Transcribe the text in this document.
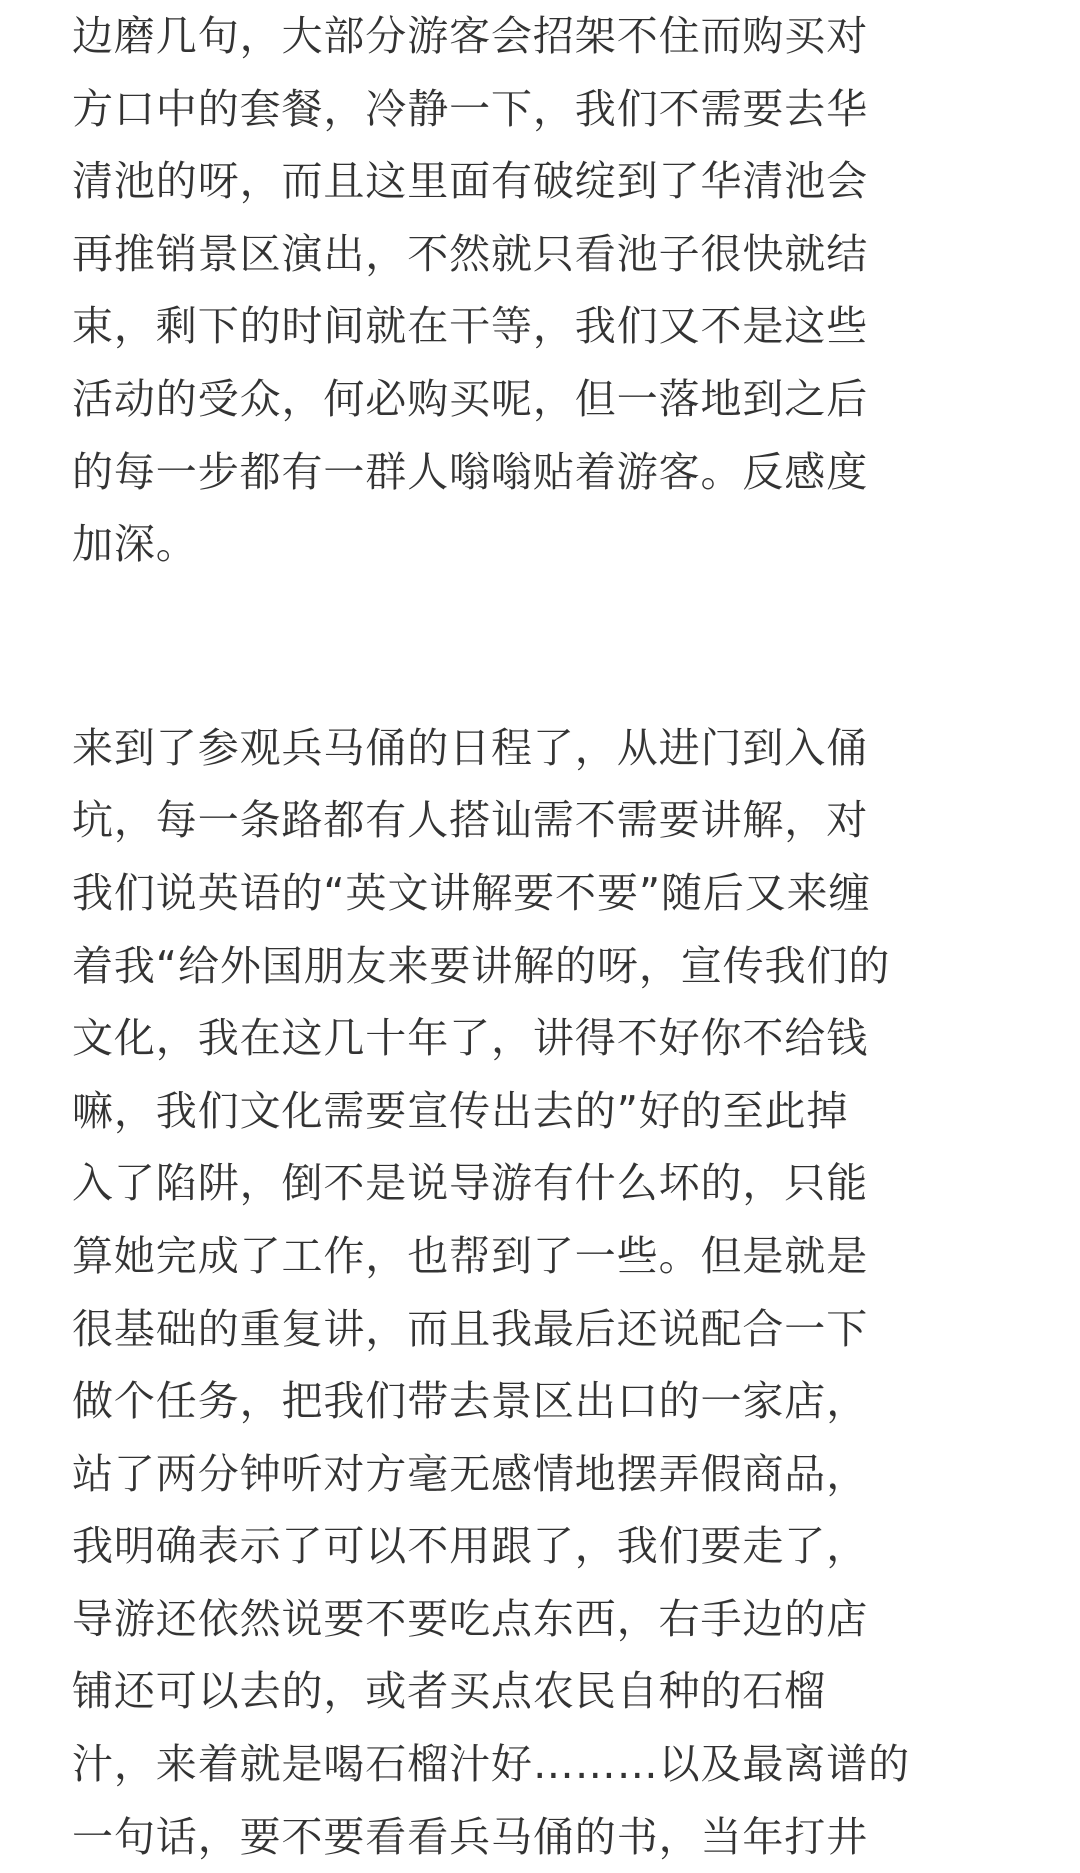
边磨几句，大部分游客会招架不住而购买对
方口中的套餐，冷静一下，我们不需要去华
清池的呀，而且这里面有破绽到了华清池会
再推销景区演出，不然就只看池子很快就结
束，剩下的时间就在干等，我们又不是这些
活动的受众，何必购买呢，但一落地到之后
的每一步都有一群人嗡嗡贴着游客。反感度
加深。
来到了参观兵马俑的日程了，从进门到入俑
坑，每一条路都有人搭讪需不需要讲解，对
我们说英语的“英文讲解要不要”随后又来缠
着我“给外国朋友来要讲解的呀，宣传我们的
文化，我在这几十年了，讲得不好你不给钱
嘛，我们文化需要宣传出去的”好的至此掉
入了陷阱，倒不是说导游有什么坏的，只能
算她完成了工作，也帮到了一些。但是就是
很基础的重复讲，而且我最后还说配合一下
做个任务，把我们带去景区出口的一家店，
站了两分钟听对方毫无感情地摆弄假商品，
我明确表示了可以不用跟了，我们要走了，
导游还依然说要不要吃点东西，右手边的店
铺还可以去的，或者买点农民自种的石榴
汁，来着就是喝石榴汁好………以及最离谱的
一句话，要不要看看兵马俑的书，当年打井
